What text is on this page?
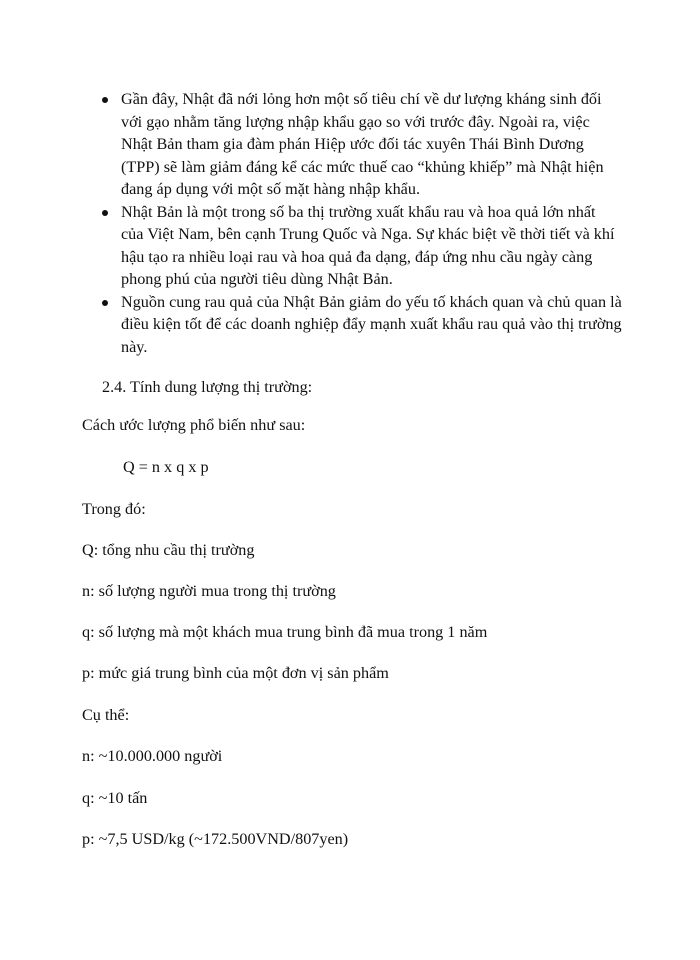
Gần đây, Nhật đã nới lỏng hơn một số tiêu chí về dư lượng kháng sinh đối với gạo nhằm tăng lượng nhập khẩu gạo so với trước đây. Ngoài ra, việc Nhật Bản tham gia đàm phán Hiệp ước đối tác xuyên Thái Bình Dương (TPP) sẽ làm giảm đáng kể các mức thuế cao “khủng khiếp” mà Nhật hiện đang áp dụng với một số mặt hàng nhập khẩu.
Nhật Bản là một trong số ba thị trường xuất khẩu rau và hoa quả lớn nhất của Việt Nam, bên cạnh Trung Quốc và Nga. Sự khác biệt về thời tiết và khí hậu tạo ra nhiều loại rau và hoa quả đa dạng, đáp ứng nhu cầu ngày càng phong phú của người tiêu dùng Nhật Bản.
Nguồn cung rau quả của Nhật Bản giảm do yếu tố khách quan và chủ quan là điều kiện tốt để các doanh nghiệp đẩy mạnh xuất khẩu rau quả vào thị trường này.
2.4. Tính dung lượng thị trường:
Cách ước lượng phổ biến như sau:
Q = n x q x p
Trong đó:
Q: tổng nhu cầu thị trường
n: số lượng người mua trong thị trường
q: số lượng mà một khách mua trung bình đã mua trong 1 năm
p: mức giá trung bình của một đơn vị sản phẩm
Cụ thể:
n: ~10.000.000 người
q: ~10 tấn
p: ~7,5 USD/kg (~172.500VND/807yen)
